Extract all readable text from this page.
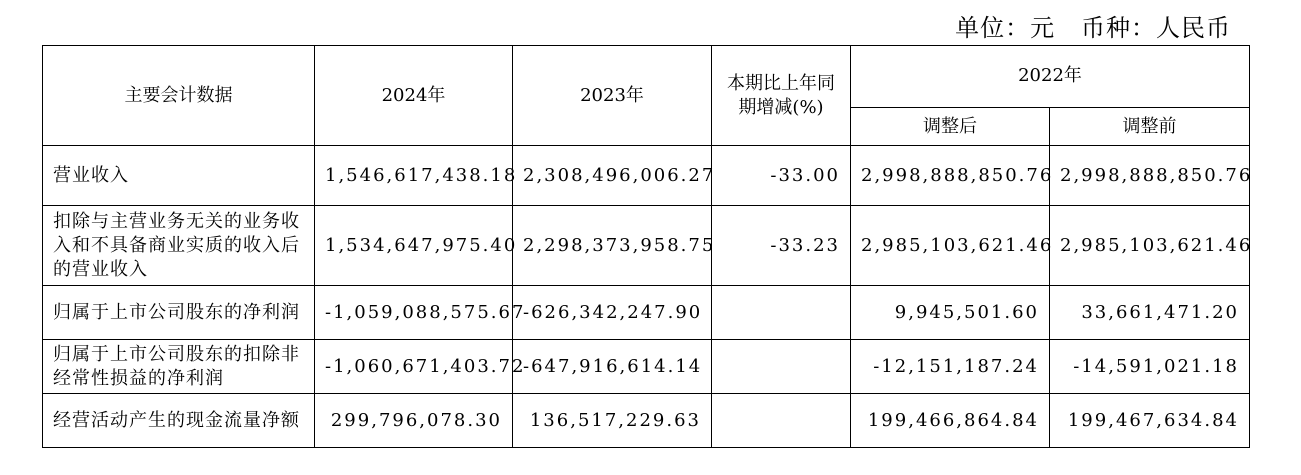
单位：元 币种：人民币
主要会计数据	2024年	2023年	本期比上年同期增减(%)	2022年	
				调整后	调整前
营业收入	1,546,617,438.18	2,308,496,006.27	-33.00	2,998,888,850.76	2,998,888,850.76
扣除与主营业务无关的业务收入和不具备商业实质的收入后的营业收入	1,534,647,975.40	2,298,373,958.75	-33.23	2,985,103,621.46	2,985,103,621.46
归属于上市公司股东的净利润	-1,059,088,575.67	-626,342,247.90		9,945,501.60	33,661,471.20
归属于上市公司股东的扣除非经常性损益的净利润	-1,060,671,403.72	-647,916,614.14		-12,151,187.24	-14,591,021.18
经营活动产生的现金流量净额	299,796,078.30	136,517,229.63		199,466,864.84	199,467,634.84
